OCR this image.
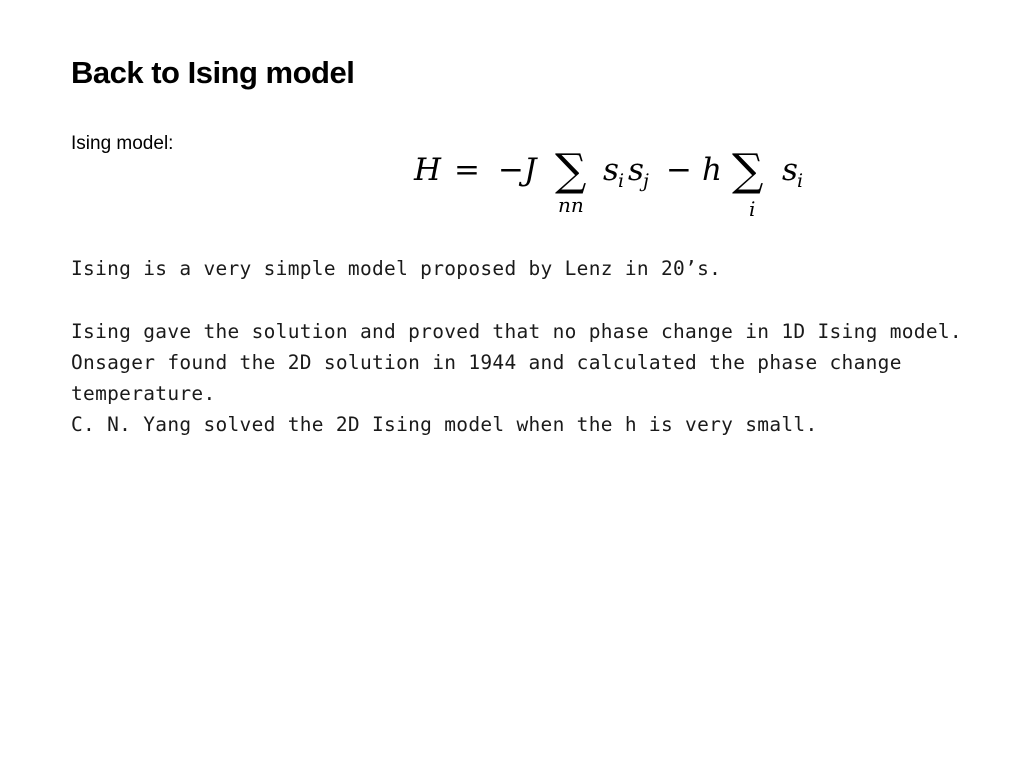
Back to Ising model
Ising model:
H = − J ∑
nn
s i s j − h ∑
i
s i
Ising is a very simple model proposed by Lenz in 20’s.
Ising gave the solution and proved that no phase change in 1D Ising model.
Onsager found the 2D solution in 1944 and calculated the phase change
temperature.
C. N. Yang solved the 2D Ising model when the h is very small.
